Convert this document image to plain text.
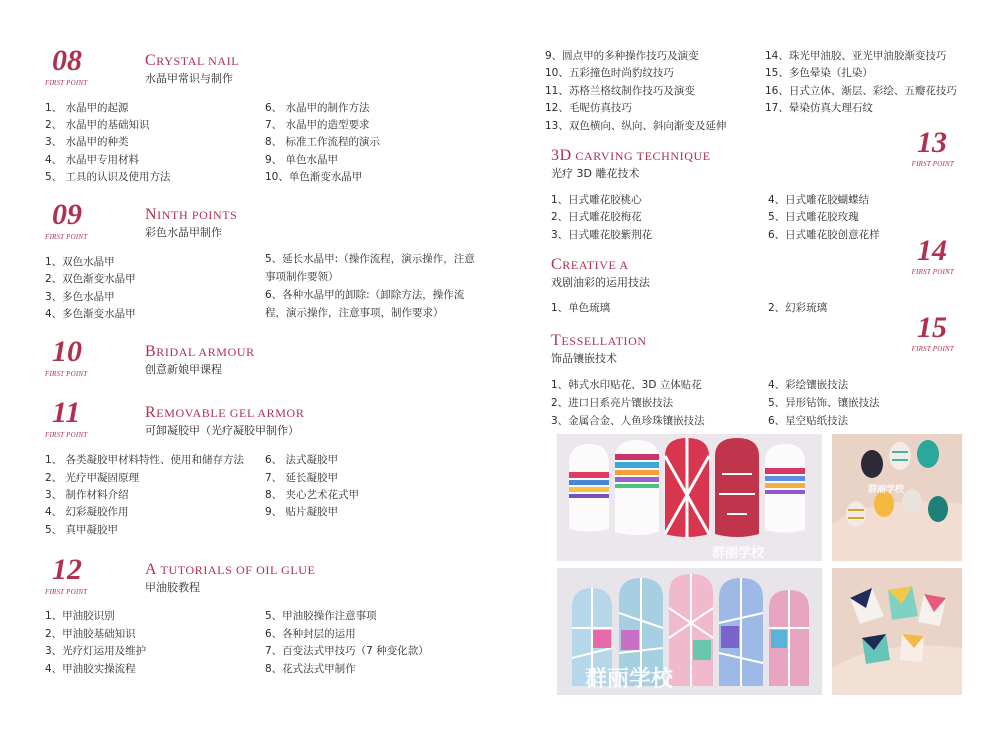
08
FIRST POINT
CRYSTAL NAIL
水晶甲常识与制作
1、 水晶甲的起源
2、 水晶甲的基础知识
3、 水晶甲的种类
4、 水晶甲专用材料
5、 工具的认识及使用方法
6、 水晶甲的制作方法
7、 水晶甲的造型要求
8、 标准工作流程的演示
9、 单色水晶甲
10、单色渐变水晶甲
09
FIRST POINT
NINTH POINTS
彩色水晶甲制作
1、双色水晶甲
2、双色渐变水晶甲
3、多色水晶甲
4、多色渐变水晶甲
5、延长水晶甲:（操作流程，演示操作，注意事项制作要领）
6、各种水晶甲的卸除:（卸除方法，操作流程，演示操作，注意事项，制作要求）
10
FIRST POINT
BRIDAL ARMOUR
创意新娘甲课程
11
FIRST POINT
REMOVABLE GEL ARMOR
可卸凝胶甲（光疗凝胶甲制作）
1、 各类凝胶甲材料特性、使用和储存方法
2、 光疗甲凝固原理
3、 制作材料介绍
4、 幻彩凝胶作用
5、 真甲凝胶甲
6、 法式凝胶甲
7、 延长凝胶甲
8、 夹心艺术花式甲
9、 贴片凝胶甲
12
FIRST POINT
A TUTORIALS OF OIL GLUE
甲油胶教程
1、甲油胶识别
2、甲油胶基础知识
3、光疗灯运用及维护
4、甲油胶实操流程
5、甲油胶操作注意事项
6、各种封层的运用
7、百变法式甲技巧（7 种变化款）
8、花式法式甲制作
9、圆点甲的多种操作技巧及演变
10、五彩撞色时尚豹纹技巧
11、苏格兰格纹制作技巧及演变
12、毛呢仿真技巧
13、双色横向、纵向、斜向渐变及延伸
14、珠光甲油胶、亚光甲油胶渐变技巧
15、多色晕染（扎染）
16、日式立体、渐层、彩绘、五瓣花技巧
17、晕染仿真大理石纹
13
FIRST POINT
3D CARVING TECHNIQUE
光疗 3D 雕花技术
1、日式雕花胶桃心
2、日式雕花胶梅花
3、日式雕花胶紫荆花
4、日式雕花胶蝴蝶结
5、日式雕花胶玫瑰
6、日式雕花胶创意花样 14
FIRST POINT
CREATIVE A
戏剧油彩的运用技法
1、单色琉璃	2、幻彩琉璃
15
FIRST POINT
TESSELLATION
饰品镶嵌技术
1、韩式水印贴花、3D 立体贴花
2、进口日系亮片镶嵌技法
3、金属合金、人鱼珍珠镶嵌技法
4、彩绘镶嵌技法
5、异形钻饰、镶嵌技法
6、星空贴纸技法
群丽学校
群丽学校
群丽学校
